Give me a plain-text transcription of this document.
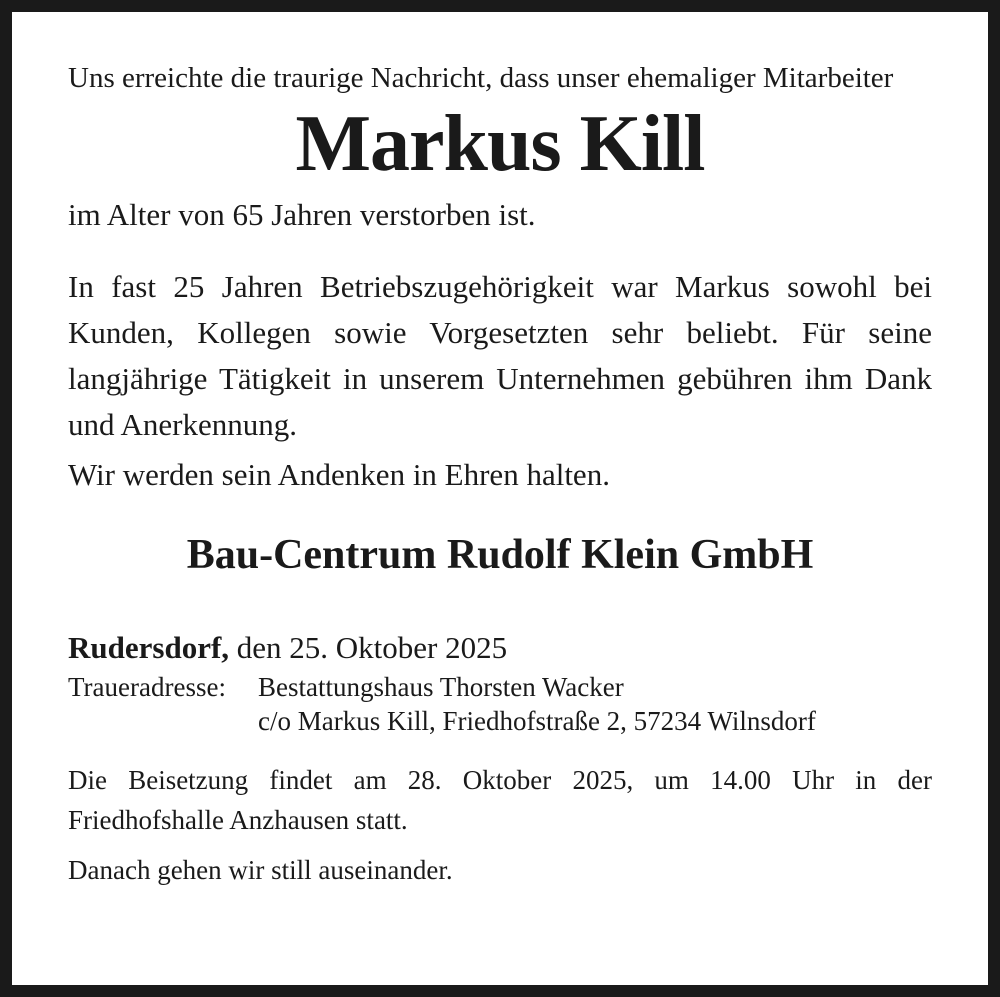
Uns erreichte die traurige Nachricht, dass unser ehemaliger Mitarbeiter

Markus Kill

im Alter von 65 Jahren verstorben ist.

In fast 25 Jahren Betriebszugehörigkeit war Markus sowohl bei Kunden, Kollegen sowie Vorgesetzten sehr beliebt. Für seine langjährige Tätigkeit in unserem Unternehmen gebühren ihm Dank und Anerkennung.

Wir werden sein Andenken in Ehren halten.

Bau-Centrum Rudolf Klein GmbH
Rudersdorf, den 25. Oktober 2025
Traueradresse:	Bestattungshaus Thorsten Wacker
c/o Markus Kill, Friedhofstraße 2, 57234 Wilnsdorf

Die Beisetzung findet am 28. Oktober 2025, um 14.00 Uhr in der Friedhofshalle Anzhausen statt.

Danach gehen wir still auseinander.
